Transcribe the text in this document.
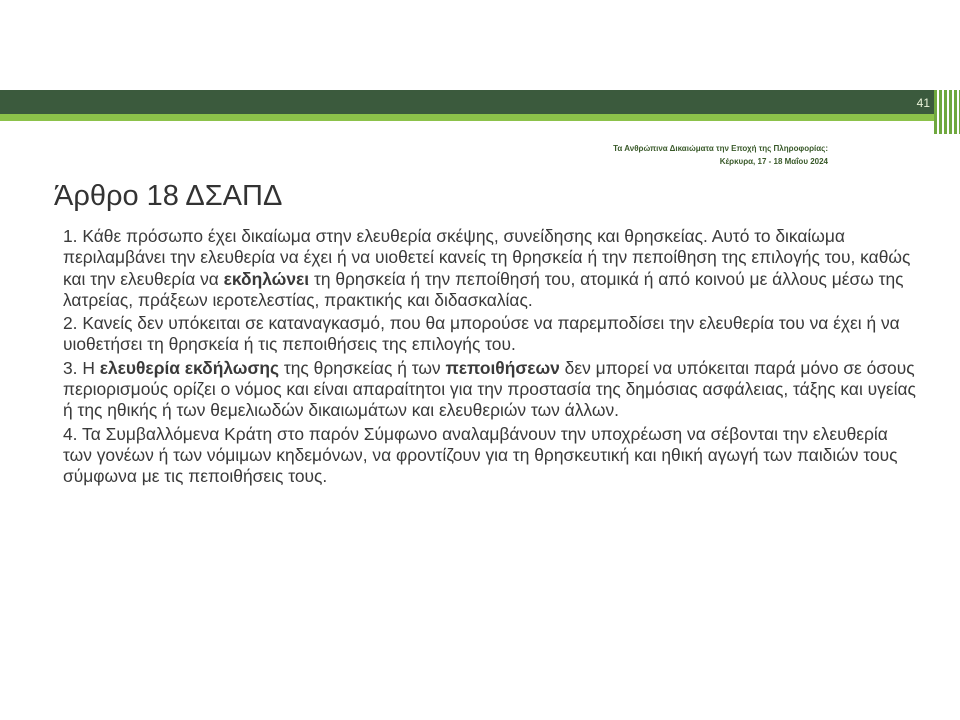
41
Τα Ανθρώπινα Δικαιώματα την Εποχή της Πληροφορίας:
Κέρκυρα, 17 - 18 Μαΐου 2024
Άρθρο 18 ΔΣΑΠΔ

1. Κάθε πρόσωπο έχει δικαίωμα στην ελευθερία σκέψης, συνείδησης και θρησκείας. Αυτό το δικαίωμα περιλαμβάνει την ελευθερία να έχει ή να υιοθετεί κανείς τη θρησκεία ή την πεποίθηση της επιλογής του, καθώς και την ελευθερία να εκδηλώνει τη θρησκεία ή την πεποίθησή του, ατομικά ή από κοινού με άλλους μέσω της λατρείας, πράξεων ιεροτελεστίας, πρακτικής και διδασκαλίας.

2. Κανείς δεν υπόκειται σε καταναγκασμό, που θα μπορούσε να παρεμποδίσει την ελευθερία του να έχει ή να υιοθετήσει τη θρησκεία ή τις πεποιθήσεις της επιλογής του.

3. Η ελευθερία εκδήλωσης της θρησκείας ή των πεποιθήσεων δεν μπορεί να υπόκειται παρά μόνο σε όσους περιορισμούς ορίζει ο νόμος και είναι απαραίτητοι για την προστασία της δημόσιας ασφάλειας, τάξης και υγείας ή της ηθικής ή των θεμελιωδών δικαιωμάτων και ελευθεριών των άλλων.

4. Τα Συμβαλλόμενα Κράτη στο παρόν Σύμφωνο αναλαμβάνουν την υποχρέωση να σέβονται την ελευθερία των γονέων ή των νόμιμων κηδεμόνων, να φροντίζουν για τη θρησκευτική και ηθική αγωγή των παιδιών τους σύμφωνα με τις πεποιθήσεις τους.
